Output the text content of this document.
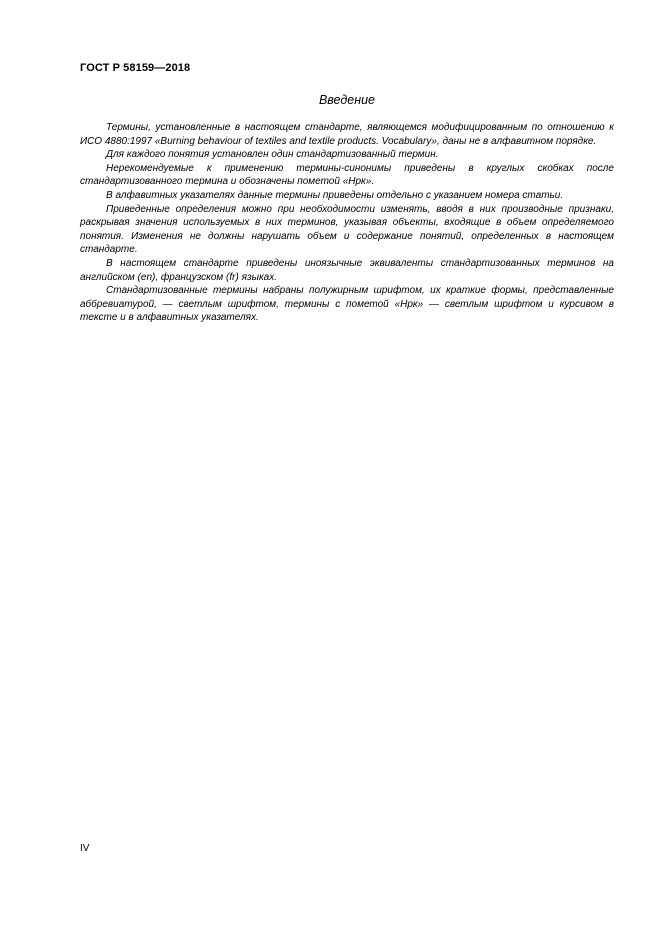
ГОСТ Р 58159—2018
Введение

Термины, установленные в настоящем стандарте, являющемся модифицированным по отношению к ИСО 4880:1997 «Burning behaviour of textiles and textile products. Vocabulary», даны не в алфавитном порядке.

Для каждого понятия установлен один стандартизованный термин.

Нерекомендуемые к применению термины-синонимы приведены в круглых скобках после стандартизованного термина и обозначены пометой «Нрк».

В алфавитных указателях данные термины приведены отдельно с указанием номера статьи.

Приведенные определения можно при необходимости изменять, вводя в них производные признаки, раскрывая значения используемых в них терминов, указывая объекты, входящие в объем определяемого понятия. Изменения не должны нарушать объем и содержание понятий, определенных в настоящем стандарте.

В настоящем стандарте приведены иноязычные эквиваленты стандартизованных терминов на английском (en), французском (fr) языках.

Стандартизованные термины набраны полужирным шрифтом, их краткие формы, представленные аббревиатурой, — светлым шрифтом, термины с пометой «Нрк» — светлым шрифтом и курсивом в тексте и в алфавитных указателях.

IV
